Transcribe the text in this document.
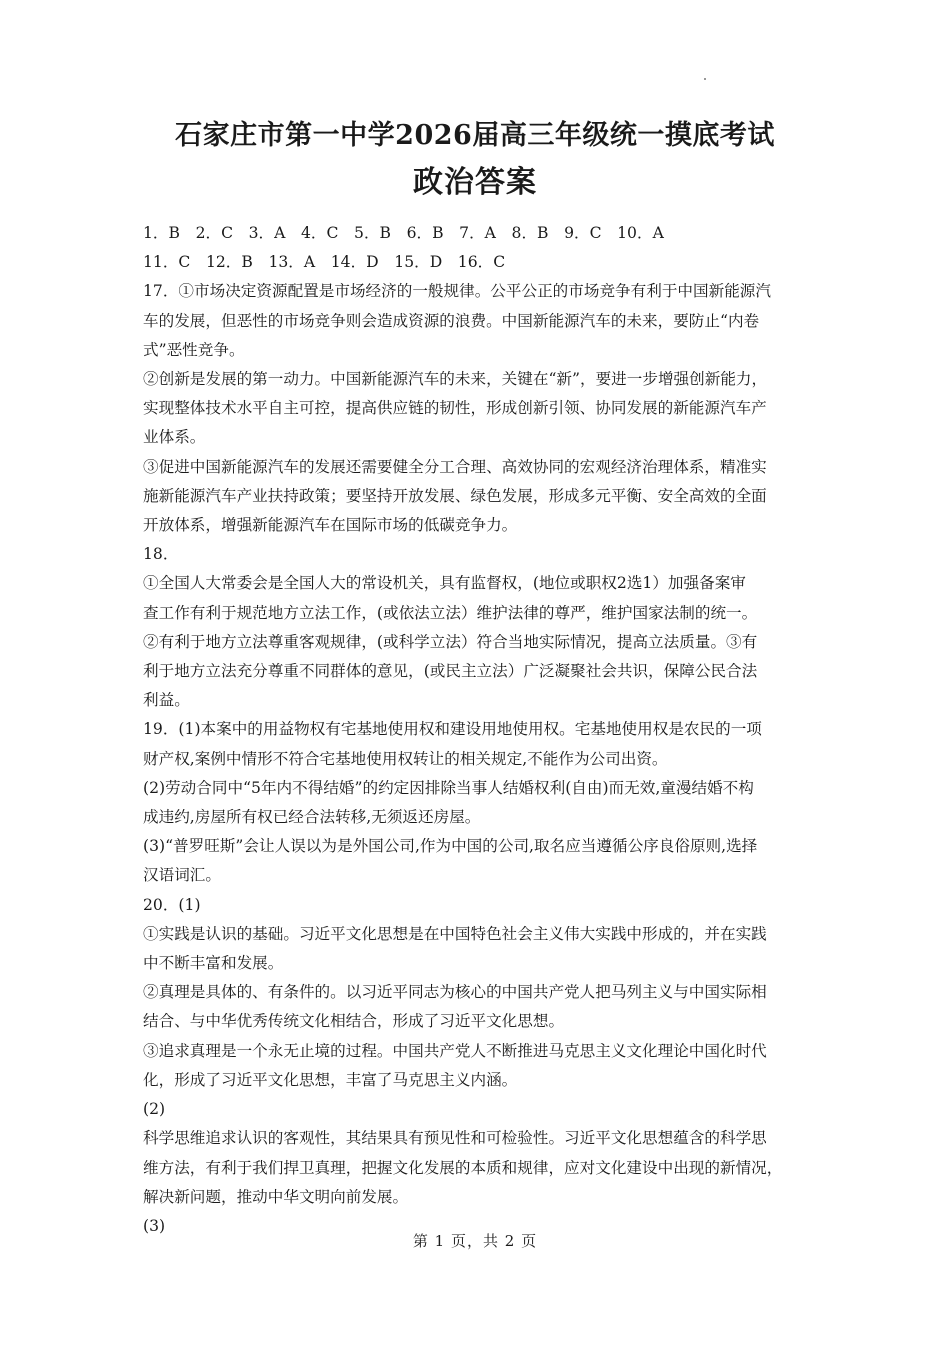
石家庄市第一中学2026届高三年级统一摸底考试
政治答案
1．B　2．C　3．A　4．C　5．B　6．B　7．A　8．B　9．C　10．A
11．C　12．B　13．A　14．D　15．D　16．C
17．①市场决定资源配置是市场经济的一般规律。公平公正的市场竞争有利于中国新能源汽
车的发展，但恶性的市场竞争则会造成资源的浪费。中国新能源汽车的未来，要防止“内卷
式”恶性竞争。
②创新是发展的第一动力。中国新能源汽车的未来，关键在“新”，要进一步增强创新能力，
实现整体技术水平自主可控，提高供应链的韧性，形成创新引领、协同发展的新能源汽车产
业体系。
③促进中国新能源汽车的发展还需要健全分工合理、高效协同的宏观经济治理体系，精准实
施新能源汽车产业扶持政策；要坚持开放发展、绿色发展，形成多元平衡、安全高效的全面
开放体系，增强新能源汽车在国际市场的低碳竞争力。
18．
①全国人大常委会是全国人大的常设机关，具有监督权，(地位或职权2选1）加强备案审
查工作有利于规范地方立法工作，(或依法立法）维护法律的尊严，维护国家法制的统一。
②有利于地方立法尊重客观规律，(或科学立法）符合当地实际情况，提高立法质量。③有
利于地方立法充分尊重不同群体的意见，(或民主立法）广泛凝聚社会共识，保障公民合法
利益。
19．(1)本案中的用益物权有宅基地使用权和建设用地使用权。宅基地使用权是农民的一项
财产权,案例中情形不符合宅基地使用权转让的相关规定,不能作为公司出资。
(2)劳动合同中“5年内不得结婚”的约定因排除当事人结婚权利(自由)而无效,童漫结婚不构
成违约,房屋所有权已经合法转移,无须返还房屋。
(3)“普罗旺斯”会让人误以为是外国公司,作为中国的公司,取名应当遵循公序良俗原则,选择
汉语词汇。
20．(1)
①实践是认识的基础。习近平文化思想是在中国特色社会主义伟大实践中形成的，并在实践
中不断丰富和发展。
②真理是具体的、有条件的。以习近平同志为核心的中国共产党人把马列主义与中国实际相
结合、与中华优秀传统文化相结合，形成了习近平文化思想。
③追求真理是一个永无止境的过程。中国共产党人不断推进马克思主义文化理论中国化时代
化，形成了习近平文化思想，丰富了马克思主义内涵。
(2)
科学思维追求认识的客观性，其结果具有预见性和可检验性。习近平文化思想蕴含的科学思
维方法，有利于我们捍卫真理，把握文化发展的本质和规律，应对文化建设中出现的新情况，
解决新问题，推动中华文明向前发展。
(3)
第 1 页，共 2 页
